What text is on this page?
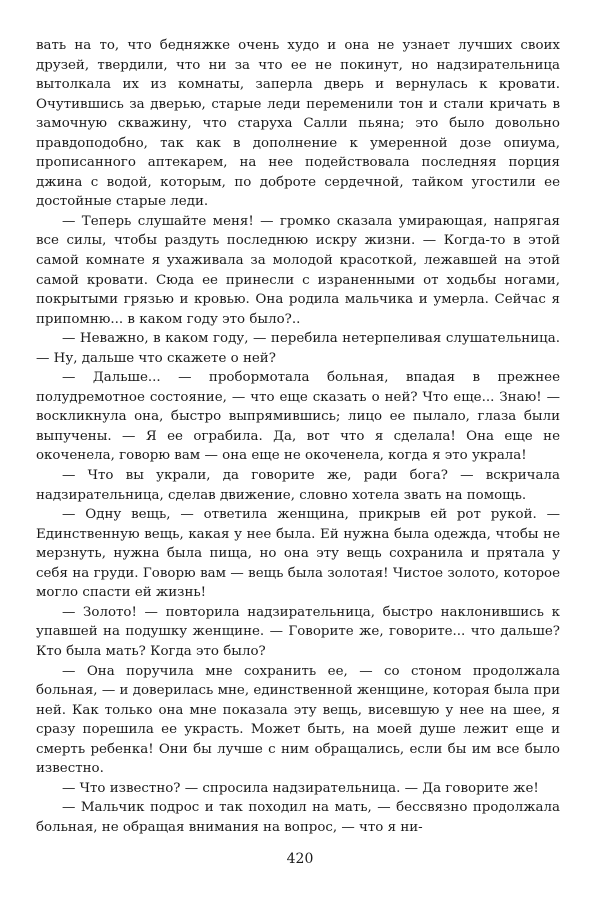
вать на то, что бедняжке очень худо и она не узнает лучших своих друзей, твердили, что ни за что ее не покинут, но надзирательница вытолкала их из комнаты, заперла дверь и вернулась к кровати. Очутившись за дверью, старые леди переменили тон и стали кричать в замочную скважину, что старуха Салли пьяна; это было довольно правдоподобно, так как в дополнение к умеренной дозе опиума, прописанного аптекарем, на нее подействовала последняя порция джина с водой, которым, по доброте сердечной, тайком угостили ее достойные старые леди.

— Теперь слушайте меня! — громко сказала умирающая, напрягая все силы, чтобы раздуть последнюю искру жизни. — Когда-то в этой самой комнате я ухаживала за молодой красоткой, лежавшей на этой самой кровати. Сюда ее принесли с израненными от ходьбы ногами, покрытыми грязью и кровью. Она родила мальчика и умерла. Сейчас я припомню... в каком году это было?..

— Неважно, в каком году, — перебила нетерпеливая слушательница. — Ну, дальше что скажете о ней?

— Дальше... — пробормотала больная, впадая в прежнее полудремотное состояние, — что еще сказать о ней? Что еще... Знаю! — воскликнула она, быстро выпрямившись; лицо ее пылало, глаза были выпучены. — Я ее ограбила. Да, вот что я сделала! Она еще не окоченела, говорю вам — она еще не окоченела, когда я это украла!

— Что вы украли, да говорите же, ради бога? — вскричала надзирательница, сделав движение, словно хотела звать на помощь.

— Одну вещь, — ответила женщина, прикрыв ей рот рукой. — Единственную вещь, какая у нее была. Ей нужна была одежда, чтобы не мерзнуть, нужна была пища, но она эту вещь сохранила и прятала у себя на груди. Говорю вам — вещь была золотая! Чистое золото, которое могло спасти ей жизнь!

— Золото! — повторила надзирательница, быстро наклонившись к упавшей на подушку женщине. — Говорите же, говорите... что дальше? Кто была мать? Когда это было?

— Она поручила мне сохранить ее, — со стоном продолжала больная, — и доверилась мне, единственной женщине, которая была при ней. Как только она мне показала эту вещь, висевшую у нее на шее, я сразу порешила ее украсть. Может быть, на моей душе лежит еще и смерть ребенка! Они бы лучше с ним обращались, если бы им все было известно.

— Что известно? — спросила надзирательница. — Да говорите же!

— Мальчик подрос и так походил на мать, — бессвязно продолжала больная, не обращая внимания на вопрос, — что я ни-

420
